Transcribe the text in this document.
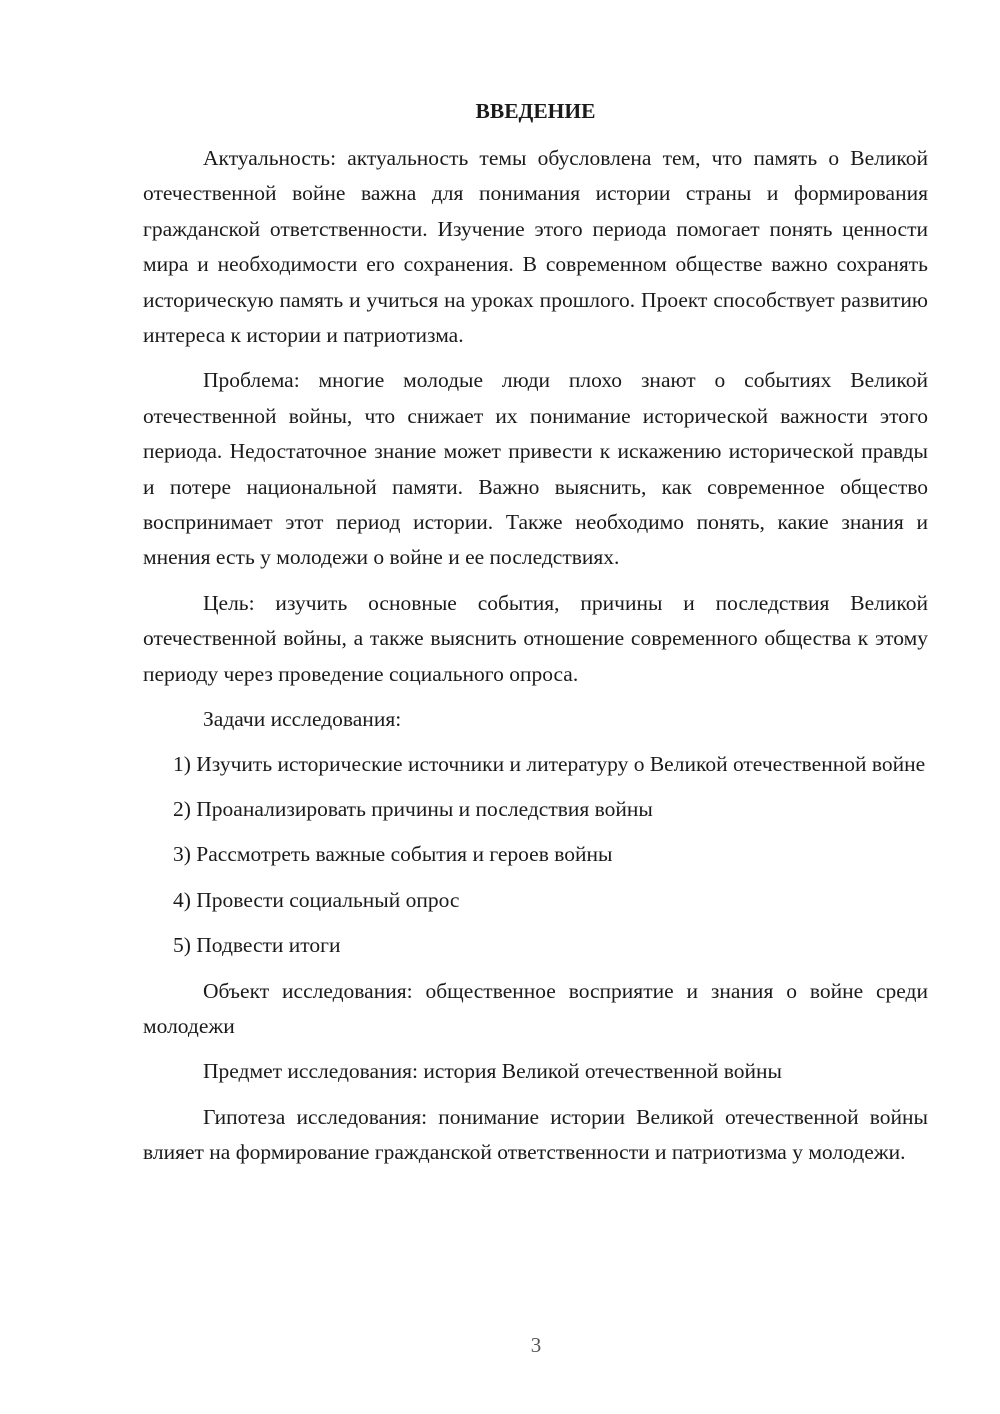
ВВЕДЕНИЕ

Актуальность: актуальность темы обусловлена тем, что память о Великой отечественной войне важна для понимания истории страны и формирования гражданской ответственности. Изучение этого периода помогает понять ценности мира и необходимости его сохранения. В современном обществе важно сохранять историческую память и учиться на уроках прошлого. Проект способствует развитию интереса к истории и патриотизма.

Проблема: многие молодые люди плохо знают о событиях Великой отечественной войны, что снижает их понимание исторической важности этого периода. Недостаточное знание может привести к искажению исторической правды и потере национальной памяти. Важно выяснить, как современное общество воспринимает этот период истории. Также необходимо понять, какие знания и мнения есть у молодежи о войне и ее последствиях.

Цель: изучить основные события, причины и последствия Великой отечественной войны, а также выяснить отношение современного общества к этому периоду через проведение социального опроса.

Задачи исследования:

1) Изучить исторические источники и литературу о Великой отечественной войне

2) Проанализировать причины и последствия войны

3) Рассмотреть важные события и героев войны

4) Провести социальный опрос

5) Подвести итоги

Объект исследования: общественное восприятие и знания о войне среди молодежи

Предмет исследования: история Великой отечественной войны

Гипотеза исследования: понимание истории Великой отечественной войны влияет на формирование гражданской ответственности и патриотизма у молодежи.

3
